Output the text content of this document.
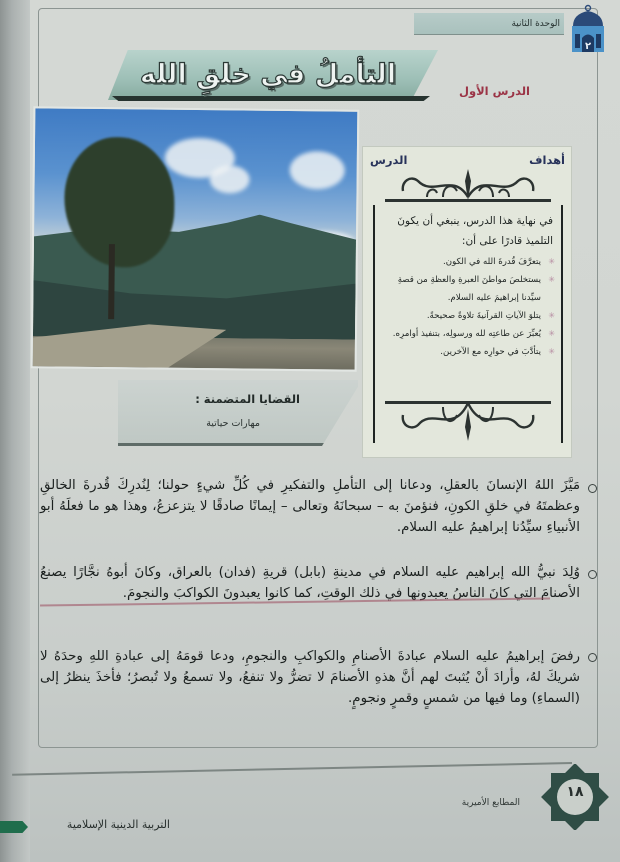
الوحدة الثانية
٢
التأملُ في خلقِ الله
الدرس الأول
أهداف
الدرس
في نهاية هذا الدرس، ينبغي أن يكونَ التلميذ قادرًا على أن:
✳ يتعرَّفَ قُدرةَ الله في الكون.
✳ يستخلصَ مواطنَ العبرةِ والعظةِ من قصةِ سيِّدنا إبراهيمَ عليه السلام.
✳ يتلوَ الآياتِ القرآنيةَ تلاوةً صحيحةً.
✳ يُعبِّرَ عن طاعتِه لله ورسولِه، بتنفيذ أوامرِه.
✳ يتأدَّبَ في حوارِه مع الآخرين.
القضايا المتضمنة :
مهارات حياتية
مَيَّزَ اللهُ الإنسانَ بالعقلِ، ودعانا إلى التأملِ والتفكيرِ في كُلِّ شيءٍ حولنا؛ لِنُدرِكَ قُدرةَ الخالقِ وعظمتَهُ في خلقِ الكونِ، فنؤمنَ به – سبحانَهُ وتعالى – إيمانًا صادقًا لا يتزعزعُ، وهذا هو ما فعلَهُ أبو الأنبياءِ سيِّدُنا إبراهيمُ عليه السلام.
وُلِدَ نبيُّ الله إبراهيم عليه السلام في مدينةِ (بابل) قريةِ (فدان) بالعراق، وكانَ أبوهُ نجَّارًا يصنعُ الأصنامَ التي كانَ الناسُ يعبدونها في ذلك الوقتِ، كما كانوا يعبدونَ الكواكبَ والنجومَ.
رفضَ إبراهيمُ عليه السلام عبادةَ الأصنامِ والكواكبِ والنجومِ، ودعا قومَهُ إلى عبادةِ اللهِ وحدَهُ لا شريكَ لهُ، وأرادَ أنْ يُثبتَ لهم أنَّ هذهِ الأصنامَ لا تضرُّ ولا تنفعُ، ولا تسمعُ ولا تُبصرُ؛ فأخذَ ينظرُ إلى (السماءِ) وما فيها من شمسٍ وقمرٍ ونجومٍ.
١٨
المطابع الأميرية
التربية الدينية الإسلامية
